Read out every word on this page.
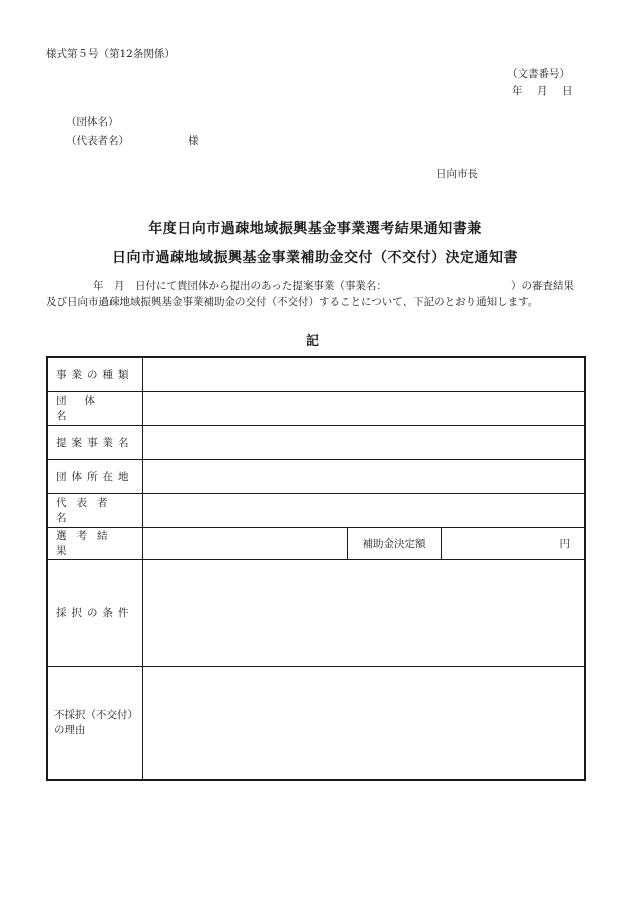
様式第５号（第12条関係）
（文書番号）
年　月　日
（団体名）
（代表者名）	様
日向市長
年度日向市過疎地域振興基金事業選考結果通知書兼
日向市過疎地域振興基金事業補助金交付（不交付）決定通知書
年　月　日付にて貴団体から提出のあった提案事業（事業名：	）の審査結果
及び日向市過疎地域振興基金事業補助金の交付（不交付）することについて、下記のとおり通知します。
記
事業の種類			
団体名			
提案事業名			
団体所在地			
代表者名			
選考結果		補助金決定額	円
採択の条件			

不採択（不交付）
の理由			
